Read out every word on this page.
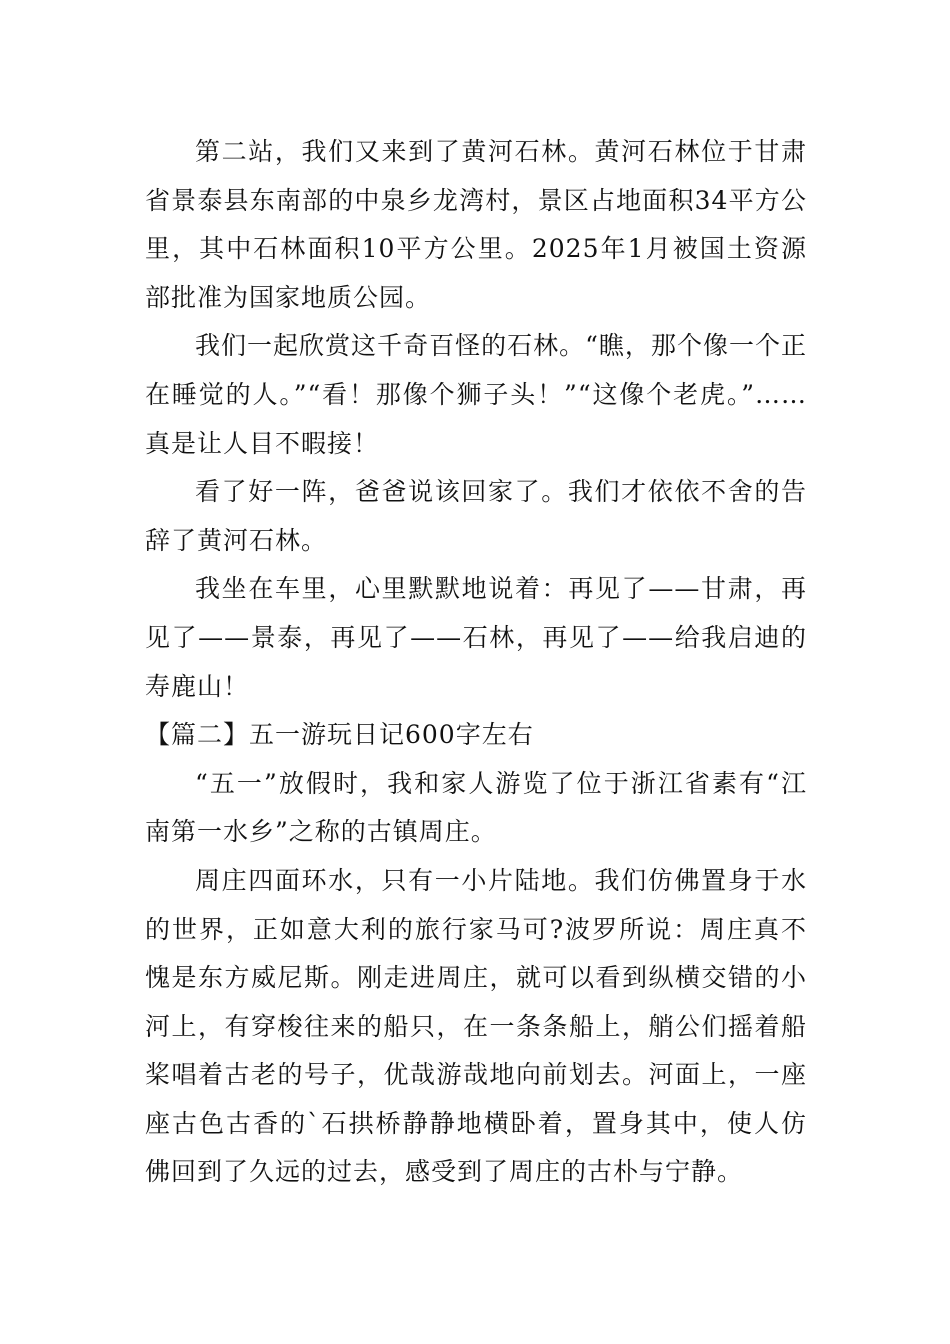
第二站，我们又来到了黄河石林。黄河石林位于甘肃省景泰县东南部的中泉乡龙湾村，景区占地面积34平方公里，其中石林面积10平方公里。2025年1月被国土资源部批准为国家地质公园。

我们一起欣赏这千奇百怪的石林。“瞧，那个像一个正在睡觉的人。”“看！那像个狮子头！”“这像个老虎。”……真是让人目不暇接！

看了好一阵，爸爸说该回家了。我们才依依不舍的告辞了黄河石林。

我坐在车里，心里默默地说着：再见了——甘肃，再见了——景泰，再见了——石林，再见了——给我启迪的寿鹿山！

【篇二】五一游玩日记600字左右

“五一”放假时，我和家人游览了位于浙江省素有“江南第一水乡”之称的古镇周庄。

周庄四面环水，只有一小片陆地。我们仿佛置身于水的世界，正如意大利的旅行家马可?波罗所说：周庄真不愧是东方威尼斯。刚走进周庄，就可以看到纵横交错的小河上，有穿梭往来的船只，在一条条船上，艄公们摇着船桨唱着古老的号子，优哉游哉地向前划去。河面上，一座座古色古香的`石拱桥静静地横卧着，置身其中，使人仿佛回到了久远的过去，感受到了周庄的古朴与宁静。
